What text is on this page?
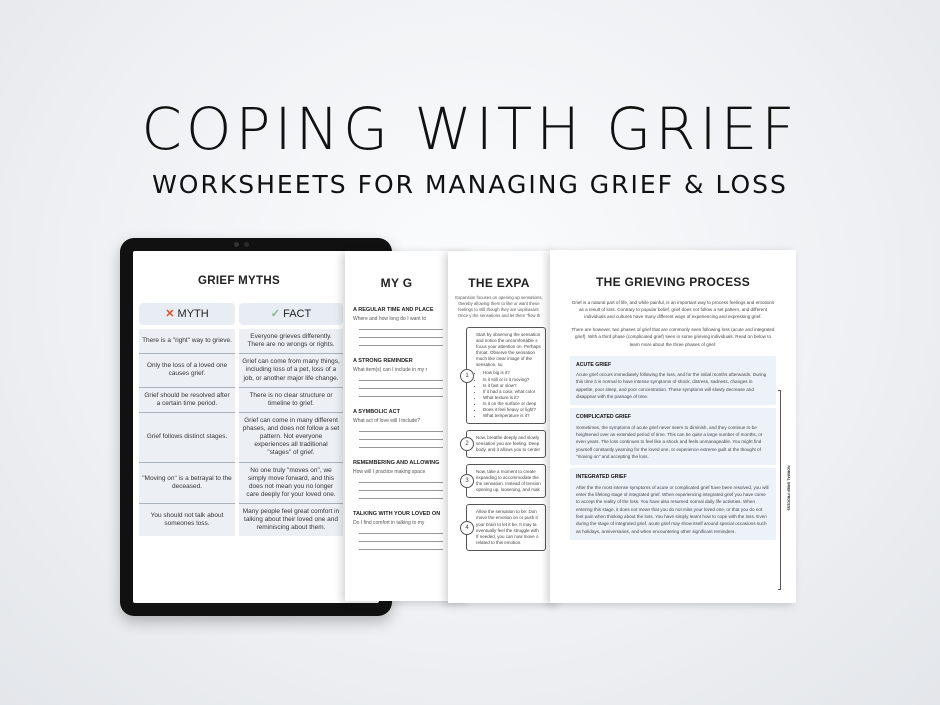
COPING WITH GRIEF
WORKSHEETS FOR MANAGING GRIEF & LOSS
GRIEF MYTHS
✕ MYTH	✓ FACT
There is a "right" way to grieve.
Everyone grieves differently. There are no wrongs or rights.
Only the loss of a loved one causes grief.
Grief can come from many things, including loss of a pet, loss of a job, or another major life change.
Grief should be resolved after a certain time period.
There is no clear structure or timeline to grief.
Grief follows distinct stages.
Grief can come in many different phases, and does not follow a set pattern. Not everyone experiences all traditional "stages" of grief.
"Moving on" is a betrayal to the deceased.
No one truly "moves on", we simply move forward, and this does not mean you no longer care deeply for your loved one.
You should not talk about someones loss.
Many people feel great comfort in talking about their loved one and reminiscing about them.
MY G
A REGULAR TIME AND PLACE
Where and how long do I want to
A STRONG REMINDER
What item(s) can I include in my r
A SYMBOLIC ACT
What act of love will I include?
REMEMBERING AND ALLOWING
How will I practice making space
TALKING WITH YOUR LOVED ON
Do I find comfort in talking to my
THE EXPA
Expansion focuses on opening up sensations, thereby allowing them to like or want these feelings to still though they are unpleasant. Once y the sensations and let them "flow th
1
Start by observing the sensation and notice the uncomfortable s focus your attention on. Perhaps throat. Observe the sensation much like clear image of the sensation, su
• How big is it?
• Is it still or is it moving?
• Is it fast or slow?
• If it had a color, what color
• What texture is it?
• Is it on the surface or deep
• Does it feel heavy or light?
• What temperature is it?
2
Now, breathe deeply and slowly sensation you are feeling. Deep body, and it allows you to center
3
Now, take a moment to create expanding to accommodate the the sensation. Instead of tension opening up, loosening, and mak
4
Allow the sensation to be. Don move the emotion on or push it your brain to let it be. It may ta eventually feel the struggle with If needed, you can now move o related to this emotion.
THE GRIEVING PROCESS
Grief is a natural part of life, and while painful, is an important way to process feelings and emotions as a result of loss. Contrary to popular belief, grief does not follow a set pattern, and different individuals and cultures have many different ways of experiencing and expressing grief.
There are however, two phases of grief that are commonly seen following loss (acute and integrated grief). With a third phase (complicated grief) seen in some grieving individuals. Read on below to learn more about the three phases of grief.
ACUTE GRIEF
Acute grief occurs immediately following the loss, and for the initial months afterwards. During this time it is normal to have intense symptoms of shock, distress, sadness, changes in appetite, poor sleep, and poor concentration. These symptoms will slowly decrease and disappear with the passage of time.
COMPLICATED GRIEF
Sometimes, the symptoms of acute grief never seem to diminish, and they continue to be heightened over an extended period of time. This can be quite a large number of months, or even years. The loss continues to feel like a shock and feels unmanageable. You might find yourself constantly yearning for the loved one, or experience extreme guilt at the thought of "moving on" and accepting the loss.
INTEGRATED GRIEF
After the the most intense symptoms of acute or complicated grief have been resolved, you will enter the lifelong stage of integrated grief. When experiencing integrated grief you have come to accept the reality of the loss. You have also resumed normal daily life activities. When entering this stage, it does not mean that you do not miss your loved one, or that you do not feel pain when thinking about the loss. You have simply learnt how to cope with the loss. Even during the stage of integrated grief, acute grief may show itself around special occasions such as holidays, anniversaries, and when encountering other significant reminders.
NORMAL GRIEF PROCESS
